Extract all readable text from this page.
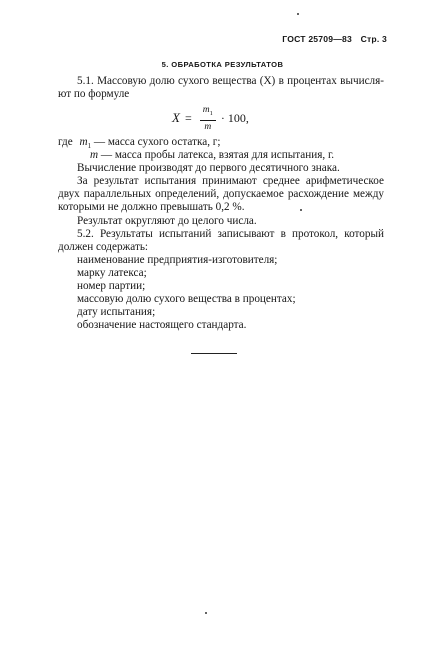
ГОСТ 25709—83 Стр. 3
5. ОБРАБОТКА РЕЗУЛЬТАТОВ
5.1. Массовую долю сухого вещества (X) в процентах вычисля-
ют по формуле
$X = \frac{m_1}{m} \cdot 100$,
где $m_1$ — масса сухого остатка, г;
m — масса пробы латекса, взятая для испытания, г.
Вычисление производят до первого десятичного знака.
За результат испытания принимают среднее арифметическое
двух параллельных определений, допускаемое расхождение между
которыми не должно превышать 0,2 %.
Результат округляют до целого числа.
5.2. Результаты испытаний записывают в протокол, который
должен содержать:
наименование предприятия-изготовителя;
марку латекса;
номер партии;
массовую долю сухого вещества в процентах;
дату испытания;
обозначение настоящего стандарта.
